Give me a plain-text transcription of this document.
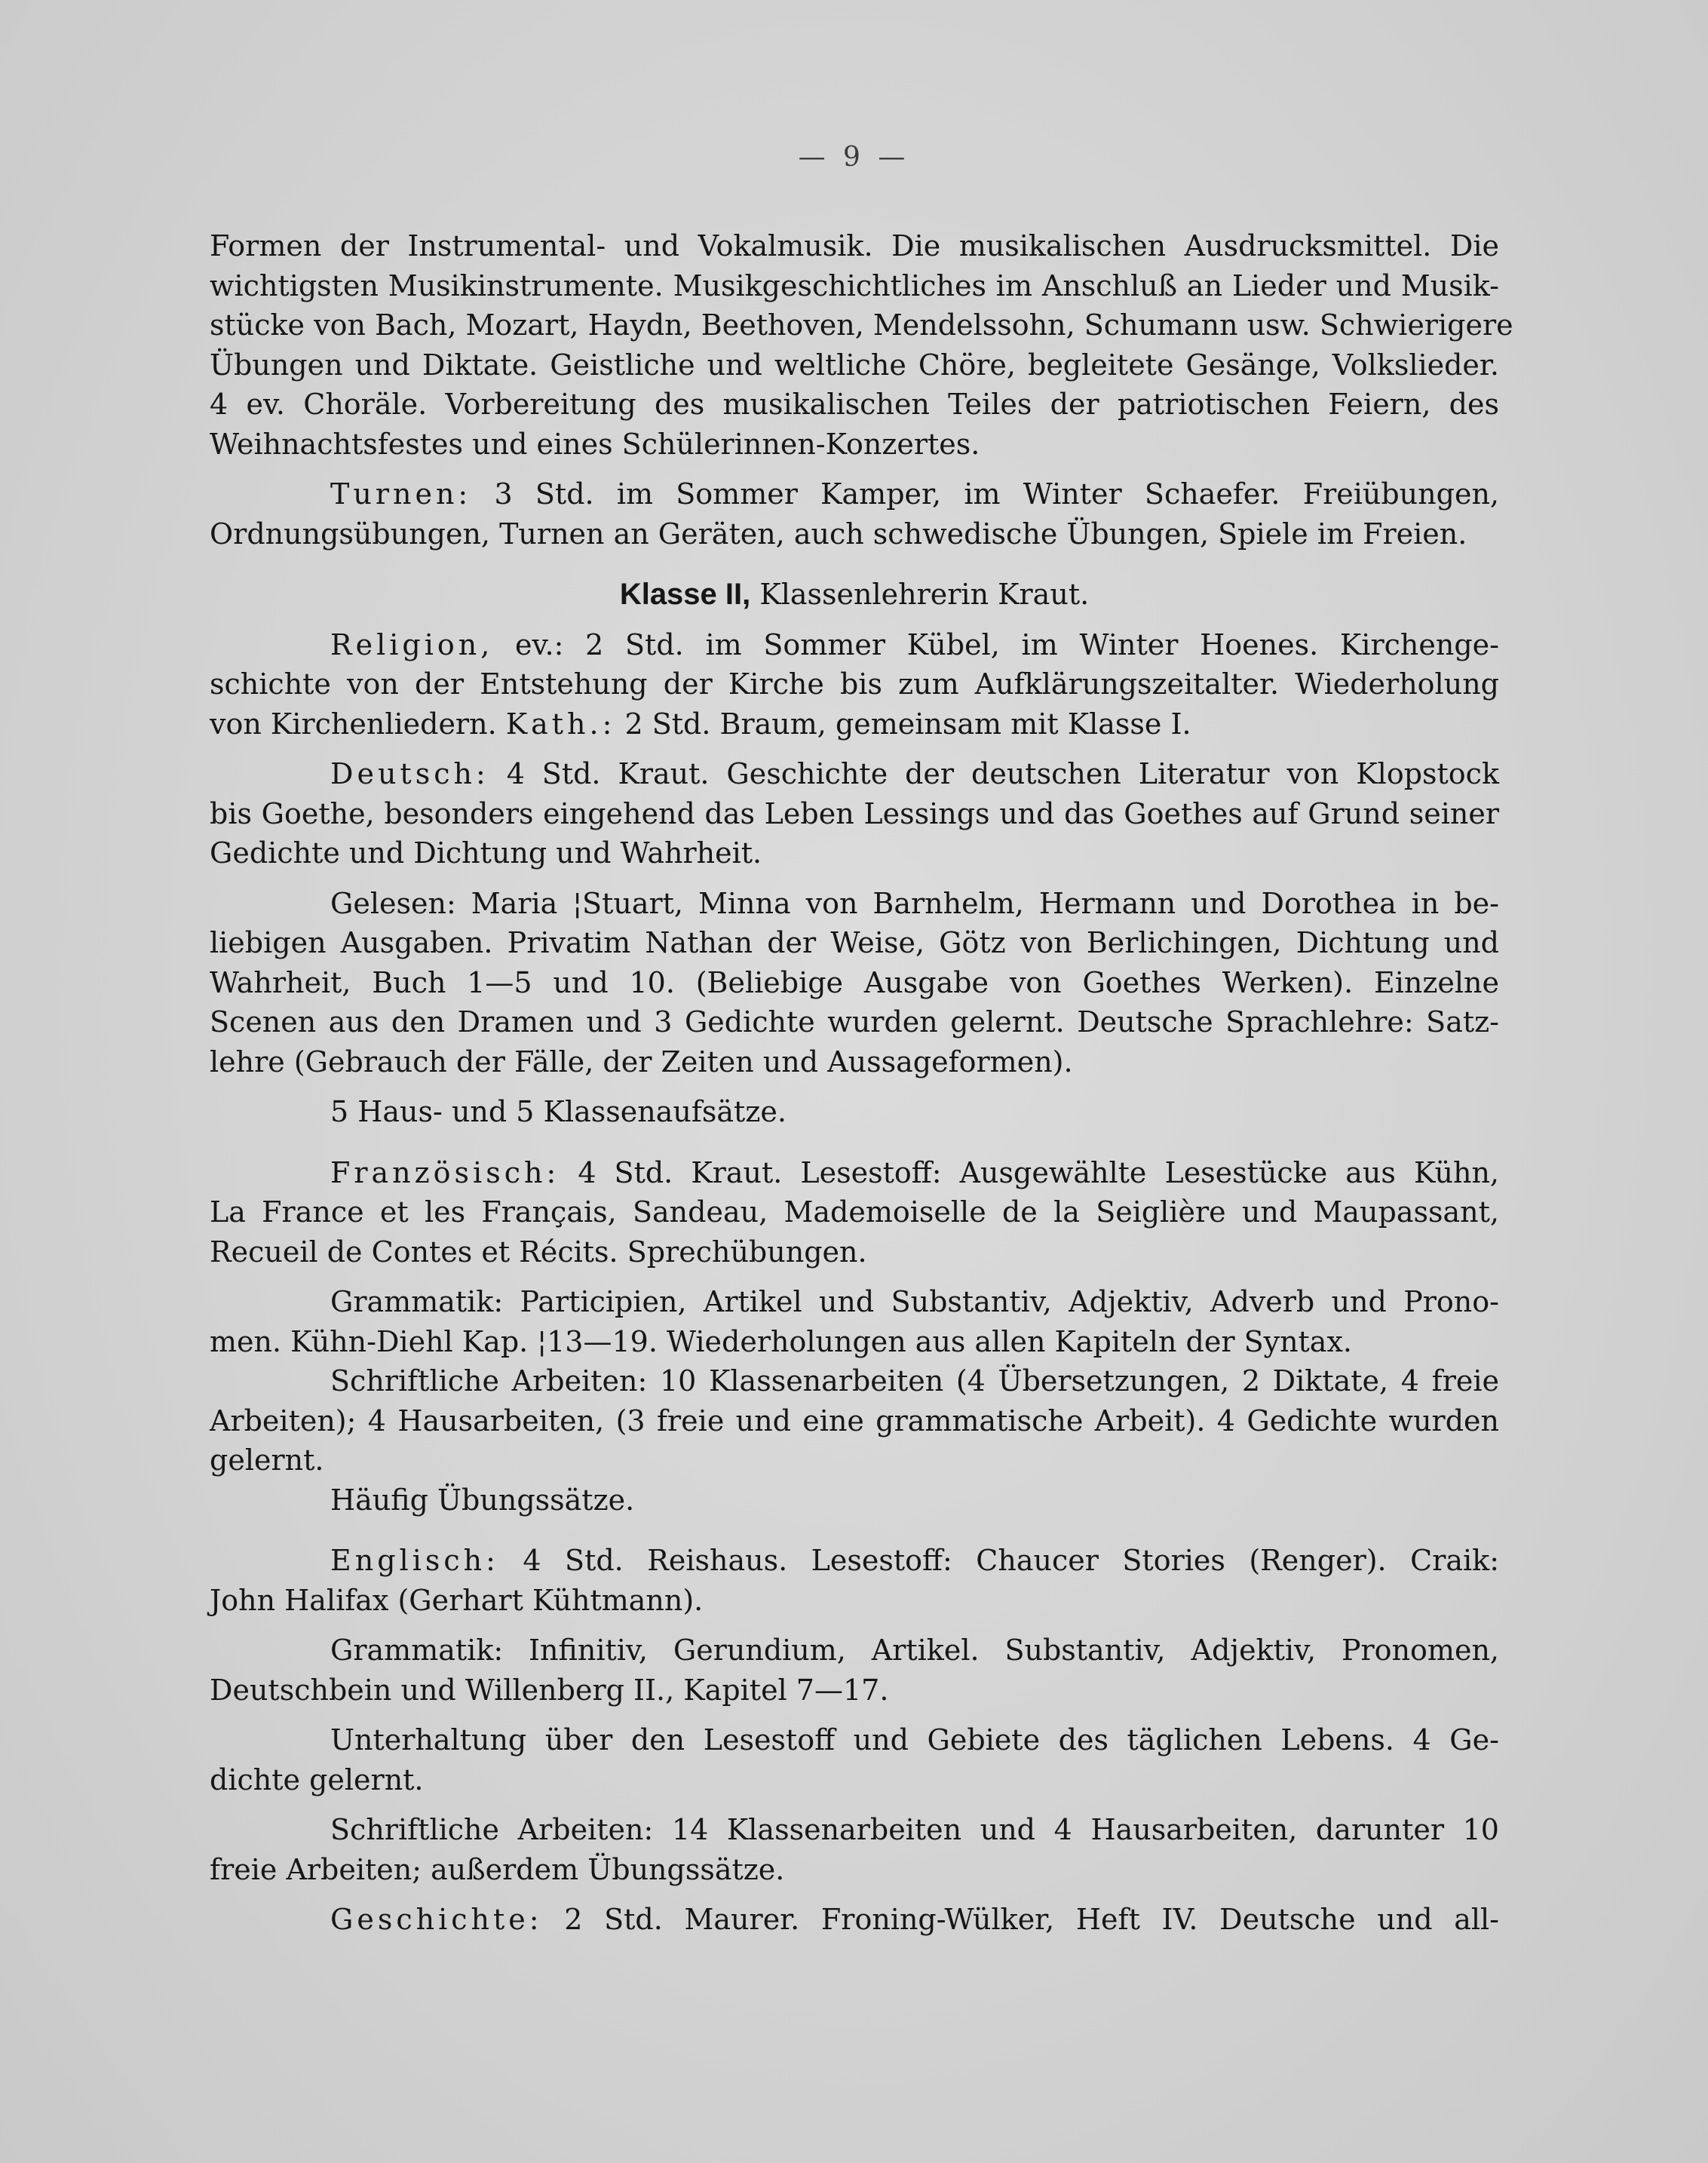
— 9 —
Formen der Instrumental- und Vokalmusik. Die musikalischen Ausdrucksmittel. Die
wichtigsten Musikinstrumente. Musikgeschichtliches im Anschluß an Lieder und Musik-
stücke von Bach, Mozart, Haydn, Beethoven, Mendelssohn, Schumann usw. Schwierigere
Übungen und Diktate. Geistliche und weltliche Chöre, begleitete Gesänge, Volkslieder.
4 ev. Choräle. Vorbereitung des musikalischen Teiles der patriotischen Feiern, des
Weihnachtsfestes und eines Schülerinnen-Konzertes.
Turnen: 3 Std. im Sommer Kamper, im Winter Schaefer. Freiübungen,
Ordnungsübungen, Turnen an Geräten, auch schwedische Übungen, Spiele im Freien.
Klasse II, Klassenlehrerin Kraut.
Religion, ev.: 2 Std. im Sommer Kübel, im Winter Hoenes. Kirchenge-
schichte von der Entstehung der Kirche bis zum Aufklärungszeitalter. Wiederholung
von Kirchenliedern. Kath.: 2 Std. Braum, gemeinsam mit Klasse I.
Deutsch: 4 Std. Kraut. Geschichte der deutschen Literatur von Klopstock
bis Goethe, besonders eingehend das Leben Lessings und das Goethes auf Grund seiner
Gedichte und Dichtung und Wahrheit.
Gelesen: Maria ¦Stuart, Minna von Barnhelm, Hermann und Dorothea in be-
liebigen Ausgaben. Privatim Nathan der Weise, Götz von Berlichingen, Dichtung und
Wahrheit, Buch 1—5 und 10. (Beliebige Ausgabe von Goethes Werken). Einzelne
Scenen aus den Dramen und 3 Gedichte wurden gelernt. Deutsche Sprachlehre: Satz-
lehre (Gebrauch der Fälle, der Zeiten und Aussageformen).
5 Haus- und 5 Klassenaufsätze.
Französisch: 4 Std. Kraut. Lesestoff: Ausgewählte Lesestücke aus Kühn,
La France et les Français, Sandeau, Mademoiselle de la Seiglière und Maupassant,
Recueil de Contes et Récits. Sprechübungen.
Grammatik: Participien, Artikel und Substantiv, Adjektiv, Adverb und Prono-
men. Kühn-Diehl Kap. ¦13—19. Wiederholungen aus allen Kapiteln der Syntax.
Schriftliche Arbeiten: 10 Klassenarbeiten (4 Übersetzungen, 2 Diktate, 4 freie
Arbeiten); 4 Hausarbeiten, (3 freie und eine grammatische Arbeit). 4 Gedichte wurden
gelernt.
Häufig Übungssätze.
Englisch: 4 Std. Reishaus. Lesestoff: Chaucer Stories (Renger). Craik:
John Halifax (Gerhart Kühtmann).
Grammatik: Infinitiv, Gerundium, Artikel. Substantiv, Adjektiv, Pronomen,
Deutschbein und Willenberg II., Kapitel 7—17.
Unterhaltung über den Lesestoff und Gebiete des täglichen Lebens. 4 Ge-
dichte gelernt.
Schriftliche Arbeiten: 14 Klassenarbeiten und 4 Hausarbeiten, darunter 10
freie Arbeiten; außerdem Übungssätze.
Geschichte: 2 Std. Maurer. Froning-Wülker, Heft IV. Deutsche und all-
